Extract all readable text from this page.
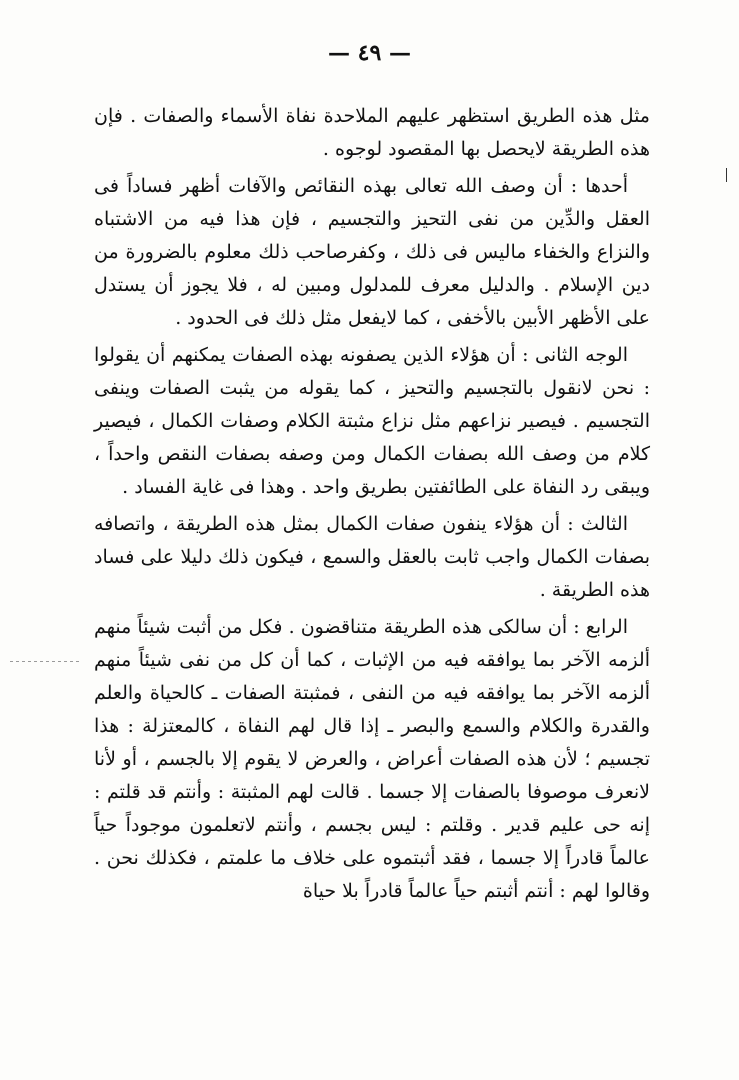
— ٤٩ —

مثل هذه الطريق استظهر عليهم الملاحدة نفاة الأسماء والصفات . فإن هذه الطريقة لايحصل بها المقصود لوجوه .

أحدها : أن وصف الله تعالى بهذه النقائص والآفات أظهر فساداً فى العقل والدِّين من نفى التحيز والتجسيم ، فإن هذا فيه من الاشتباه والنزاع والخفاء ماليس فى ذلك ، وكفرصاحب ذلك معلوم بالضرورة من دين الإسلام . والدليل معرف للمدلول ومبين له ، فلا يجوز أن يستدل على الأظهر الأبين بالأخفى ، كما لايفعل مثل ذلك فى الحدود .

الوجه الثانى : أن هؤلاء الذين يصفونه بهذه الصفات يمكنهم أن يقولوا : نحن لانقول بالتجسيم والتحيز ، كما يقوله من يثبت الصفات وينفى التجسيم . فيصير نزاعهم مثل نزاع مثبتة الكلام وصفات الكمال ، فيصير كلام من وصف الله بصفات الكمال ومن وصفه بصفات النقص واحداً ، ويبقى رد النفاة على الطائفتين بطريق واحد . وهذا فى غاية الفساد .

الثالث : أن هؤلاء ينفون صفات الكمال بمثل هذه الطريقة ، واتصافه بصفات الكمال واجب ثابت بالعقل والسمع ، فيكون ذلك دليلا على فساد هذه الطريقة .

الرابع : أن سالكى هذه الطريقة متناقضون . فكل من أثبت شيئاً منهم ألزمه الآخر بما يوافقه فيه من الإثبات ، كما أن كل من نفى شيئاً منهم ألزمه الآخر بما يوافقه فيه من النفى ، فمثبتة الصفات ـ كالحياة والعلم والقدرة والكلام والسمع والبصر ـ إذا قال لهم النفاة ، كالمعتزلة : هذا تجسيم ؛ لأن هذه الصفات أعراض ، والعرض لا يقوم إلا بالجسم ، أو لأنا لانعرف موصوفا بالصفات إلا جسما . قالت لهم المثبتة : وأنتم قد قلتم : إنه حى عليم قدير . وقلتم : ليس بجسم ، وأنتم لاتعلمون موجوداً حياً عالماً قادراً إلا جسما ، فقد أثبتموه على خلاف ما علمتم ، فكذلك نحن . وقالوا لهم : أنتم أثبتم حياً عالماً قادراً بلا حياة
